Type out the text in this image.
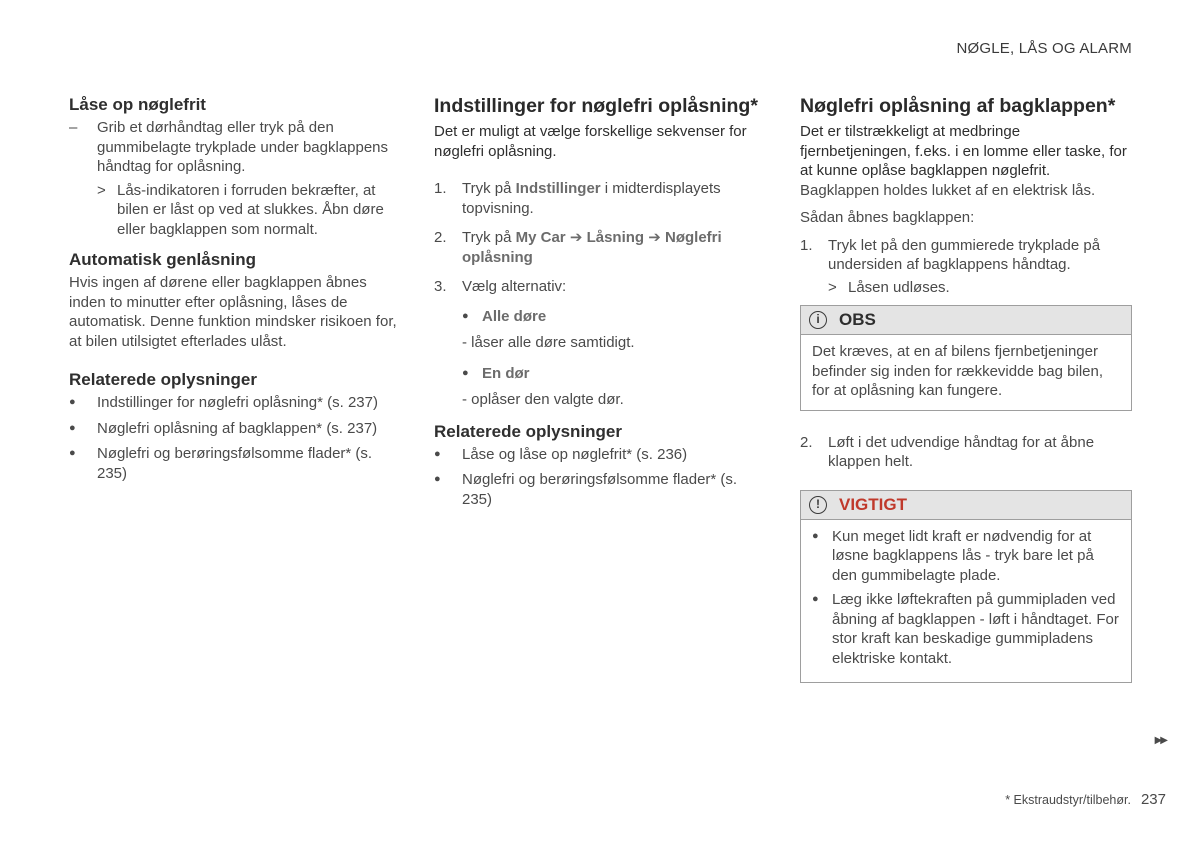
NØGLE, LÅS OG ALARM
Låse op nøglefrit
–	Grib et dørhåndtag eller tryk på den gummibelagte trykplade under bagklappens håndtag for oplåsning.
> Lås-indikatoren i forruden bekræfter, at bilen er låst op ved at slukkes. Åbn døre eller bagklappen som normalt.
Automatisk genlåsning

Hvis ingen af dørene eller bagklappen åbnes inden to minutter efter oplåsning, låses de automatisk. Denne funktion mindsker risikoen for, at bilen utilsigtet efterlades ulåst.

Relaterede oplysninger
●	Indstillinger for nøglefri oplåsning* (s. 237)
●	Nøglefri oplåsning af bagklappen* (s. 237)
●	Nøglefri og berøringsfølsomme flader* (s. 235)
Indstillinger for nøglefri oplåsning*

Det er muligt at vælge forskellige sekvenser for nøglefri oplåsning.

1.	Tryk på Indstillinger i midterdisplayets topvisning.
2.	Tryk på My Car ➔ Låsning ➔ Nøglefri oplåsning
3.	Vælg alternativ:
● Alle døre
- låser alle døre samtidigt.
● En dør
- oplåser den valgte dør.
Relaterede oplysninger
●	Låse og låse op nøglefrit* (s. 236)
●	Nøglefri og berøringsfølsomme flader* (s. 235)
Nøglefri oplåsning af bagklappen*

Det er tilstrækkeligt at medbringe fjernbetjeningen, f.eks. i en lomme eller taske, for at kunne oplåse bagklappen nøglefrit.

Bagklappen holdes lukket af en elektrisk lås.

Sådan åbnes bagklappen:

1.	Tryk let på den gummierede trykplade på undersiden af bagklappens håndtag.
> Låsen udløses.
i	OBS
Det kræves, at en af bilens fjernbetjeninger befinder sig inden for rækkevidde bag bilen, for at oplåsning kan fungere.
2.	Løft i det udvendige håndtag for at åbne klappen helt.
!	VIGTIGT
● Kun meget lidt kraft er nødvendig for at løsne bagklappens lås - tryk bare let på den gummibelagte plade.
● Læg ikke løftekraften på gummipladen ved åbning af bagklappen - løft i håndtaget. For stor kraft kan beskadige gummipladens elektriske kontakt.
▶▶
* Ekstraudstyr/tilbehør. 237
